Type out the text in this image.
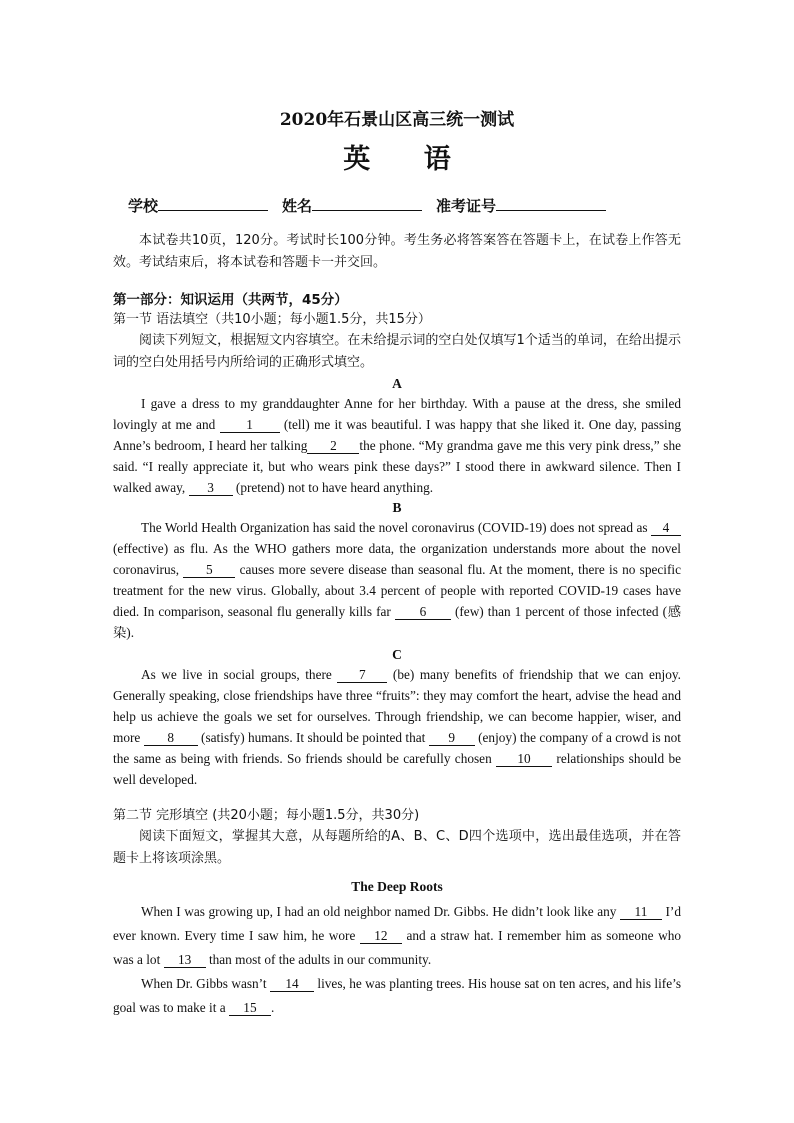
2020年石景山区高三统一测试
英 语
学校	姓名	准考证号

本试卷共10页，120分。考试时长100分钟。考生务必将答案答在答题卡上，在试卷上作答无效。考试结束后，将本试卷和答题卡一并交回。

第一部分：知识运用（共两节，45分）

第一节 语法填空（共10小题；每小题1.5分，共15分）

阅读下列短文，根据短文内容填空。在未给提示词的空白处仅填写1个适当的单词，在给出提示词的空白处用括号内所给词的正确形式填空。

A

I gave a dress to my granddaughter Anne for her birthday. With a pause at the dress, she smiled lovingly at me and 1 (tell) me it was beautiful. I was happy that she liked it. One day, passing Anne’s bedroom, I heard her talking 2 the phone. “My grandma gave me this very pink dress,” she said. “I really appreciate it, but who wears pink these days?” I stood there in awkward silence. Then I walked away, 3 (pretend) not to have heard anything.

B

The World Health Organization has said the novel coronavirus (COVID-19) does not spread as 4 (effective) as flu. As the WHO gathers more data, the organization understands more about the novel coronavirus, 5 causes more severe disease than seasonal flu. At the moment, there is no specific treatment for the new virus. Globally, about 3.4 percent of people with reported COVID-19 cases have died. In comparison, seasonal flu generally kills far 6 (few) than 1 percent of those infected (感染).

C

As we live in social groups, there 7 (be) many benefits of friendship that we can enjoy. Generally speaking, close friendships have three “fruits”: they may comfort the heart, advise the head and help us achieve the goals we set for ourselves. Through friendship, we can become happier, wiser, and more 8 (satisfy) humans. It should be pointed that 9 (enjoy) the company of a crowd is not the same as being with friends. So friends should be carefully chosen 10 relationships should be well developed.

第二节 完形填空 (共20小题；每小题1.5分，共30分)

阅读下面短文，掌握其大意，从每题所给的A、B、C、D四个选项中，选出最佳选项，并在答题卡上将该项涂黑。

The Deep Roots

When I was growing up, I had an old neighbor named Dr. Gibbs. He didn’t look like any 11 I’d ever known. Every time I saw him, he wore 12 and a straw hat. I remember him as someone who was a lot 13 than most of the adults in our community.

When Dr. Gibbs wasn’t 14 lives, he was planting trees. His house sat on ten acres, and his life’s goal was to make it a 15 .
